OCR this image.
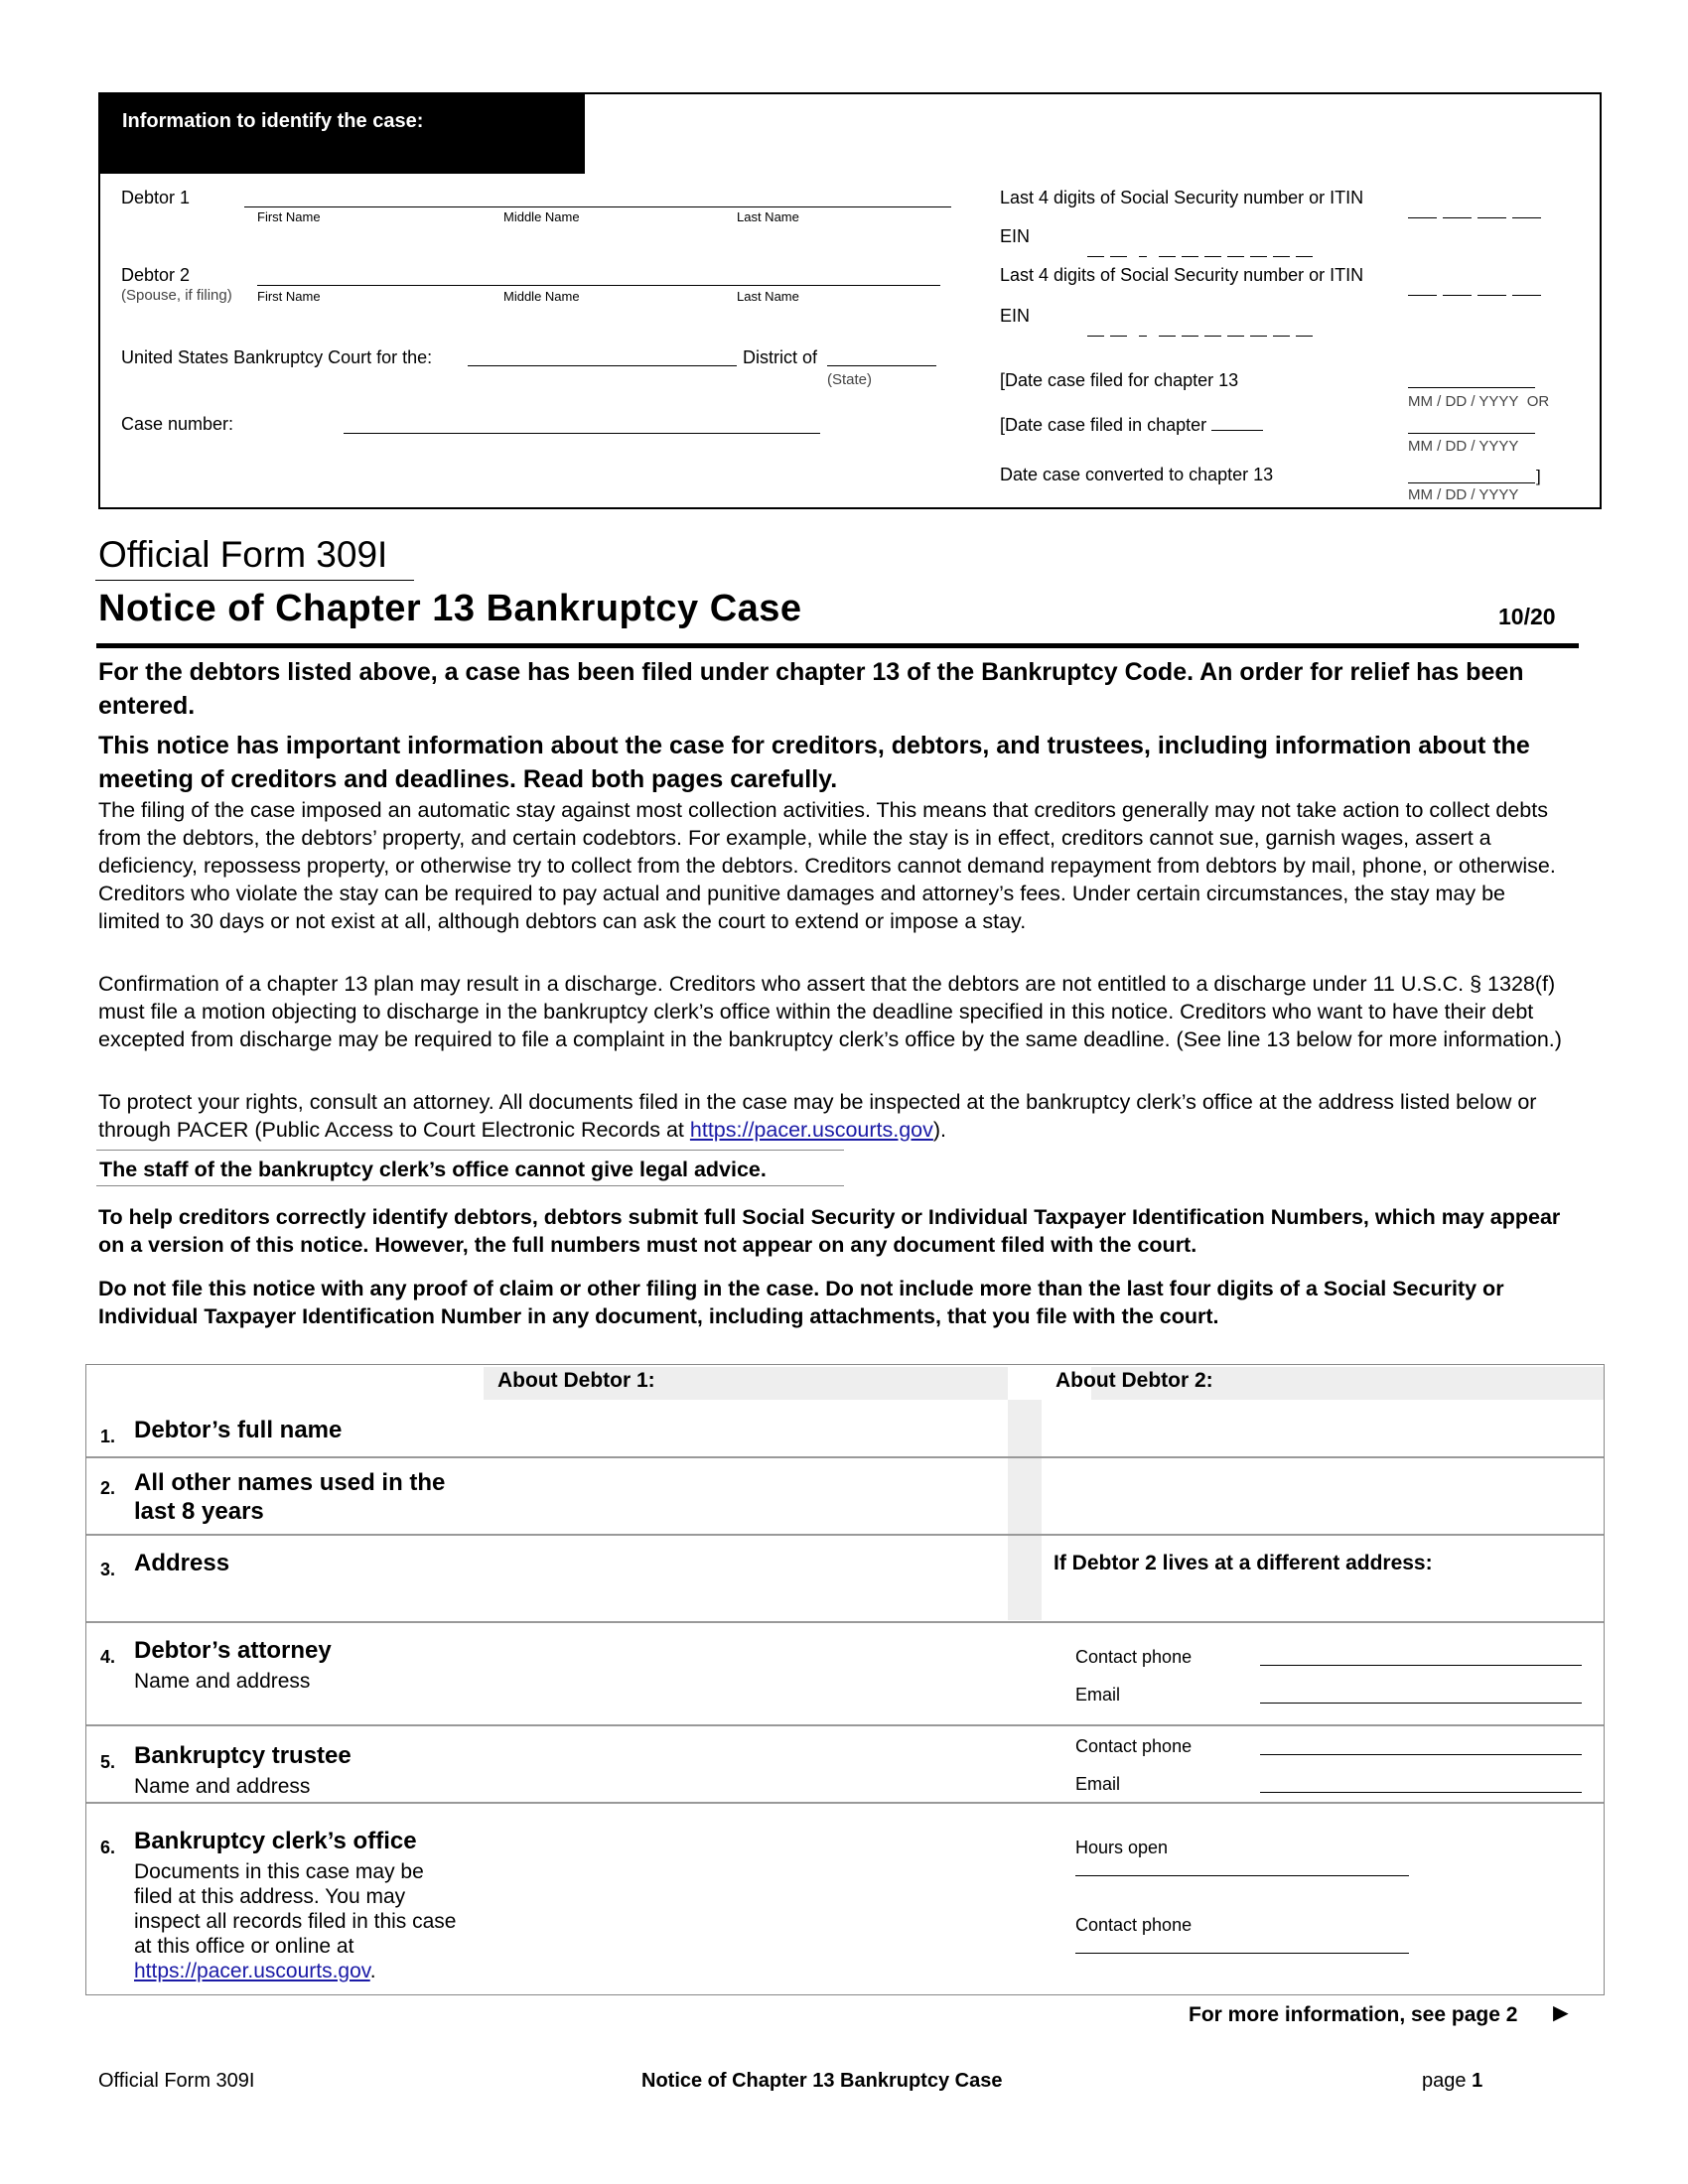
Information to identify the case:
Debtor 1
First Name	Middle Name	Last Name
Debtor 2
(Spouse, if filing) First Name	Middle Name	Last Name
United States Bankruptcy Court for the:	District of
(State)
Case number:
Last 4 digits of Social Security number or ITIN
EIN
Last 4 digits of Social Security number or ITIN
EIN
[Date case filed for chapter 13
MM / DD / YYYY OR
[Date case filed in chapter
MM / DD / YYYY
Date case converted to chapter 13	]
MM / DD / YYYY
Official Form 309I
Notice of Chapter 13 Bankruptcy Case	10/20
For the debtors listed above, a case has been filed under chapter 13 of the Bankruptcy Code. An order for relief has been entered.
This notice has important information about the case for creditors, debtors, and trustees, including information about the meeting of creditors and deadlines. Read both pages carefully.
The filing of the case imposed an automatic stay against most collection activities. This means that creditors generally may not take action to collect debts from the debtors, the debtors’ property, and certain codebtors. For example, while the stay is in effect, creditors cannot sue, garnish wages, assert a deficiency, repossess property, or otherwise try to collect from the debtors. Creditors cannot demand repayment from debtors by mail, phone, or otherwise. Creditors who violate the stay can be required to pay actual and punitive damages and attorney’s fees. Under certain circumstances, the stay may be limited to 30 days or not exist at all, although debtors can ask the court to extend or impose a stay.
Confirmation of a chapter 13 plan may result in a discharge. Creditors who assert that the debtors are not entitled to a discharge under 11 U.S.C. § 1328(f) must file a motion objecting to discharge in the bankruptcy clerk’s office within the deadline specified in this notice. Creditors who want to have their debt excepted from discharge may be required to file a complaint in the bankruptcy clerk’s office by the same deadline. (See line 13 below for more information.)
To protect your rights, consult an attorney. All documents filed in the case may be inspected at the bankruptcy clerk’s office at the address listed below or through PACER (Public Access to Court Electronic Records at https://pacer.uscourts.gov).
The staff of the bankruptcy clerk’s office cannot give legal advice.
To help creditors correctly identify debtors, debtors submit full Social Security or Individual Taxpayer Identification Numbers, which may appear on a version of this notice. However, the full numbers must not appear on any document filed with the court.
Do not file this notice with any proof of claim or other filing in the case. Do not include more than the last four digits of a Social Security or Individual Taxpayer Identification Number in any document, including attachments, that you file with the court.
About Debtor 1:	About Debtor 2:
1. Debtor’s full name
2. All other names used in the last 8 years
3. Address	If Debtor 2 lives at a different address:
4. Debtor’s attorney
Name and address
Contact phone
Email
5. Bankruptcy trustee
Name and address
Contact phone
Email
6. Bankruptcy clerk’s office
Documents in this case may be filed at this address. You may inspect all records filed in this case at this office or online at https://pacer.uscourts.gov.
Hours open
Contact phone
For more information, see page 2 ►
Official Form 309I	Notice of Chapter 13 Bankruptcy Case	page 1
